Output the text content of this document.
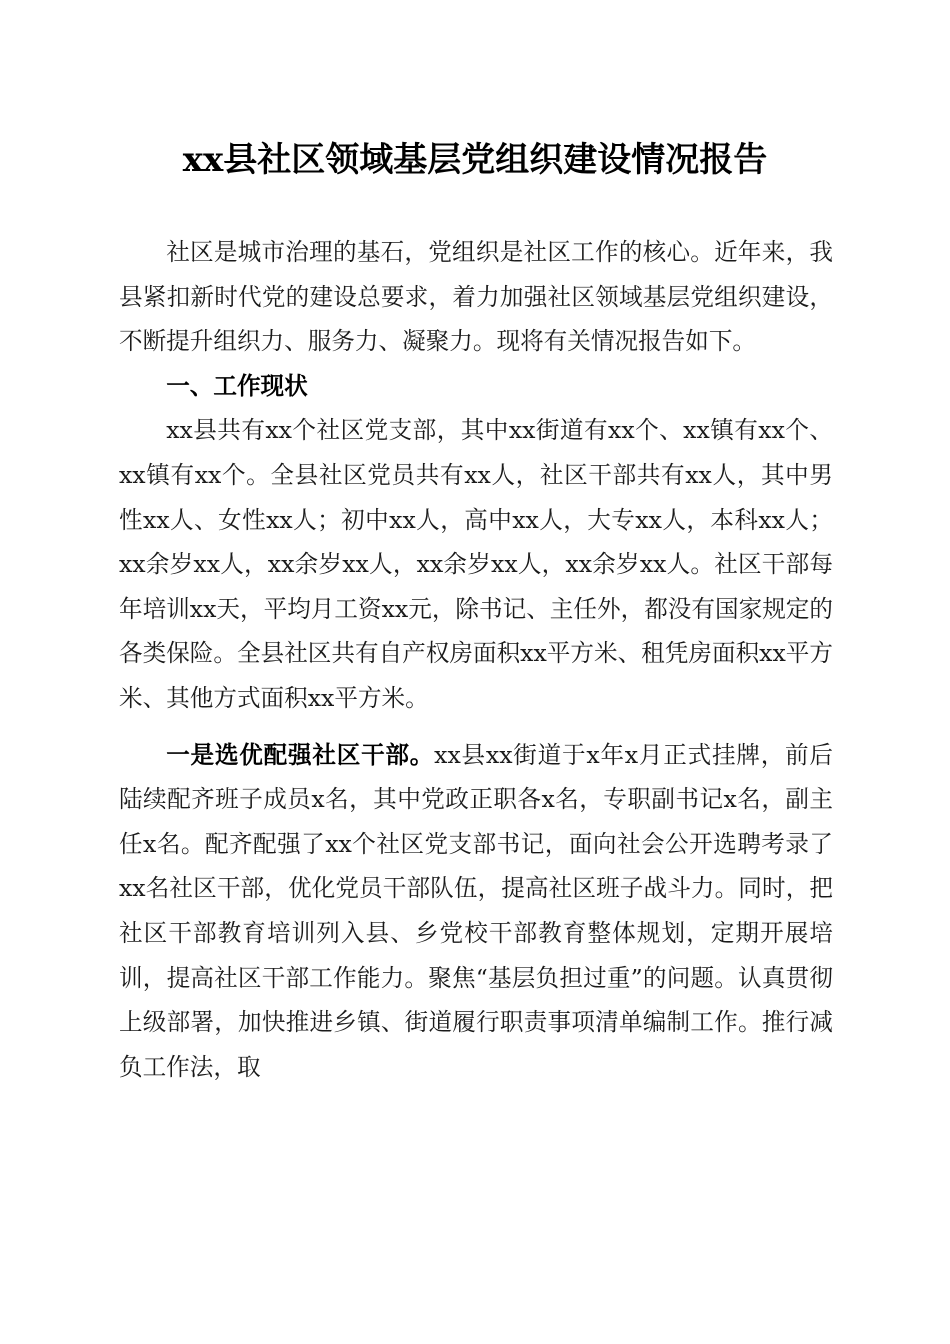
xx县社区领域基层党组织建设情况报告

社区是城市治理的基石，党组织是社区工作的核心。近年来，我县紧扣新时代党的建设总要求，着力加强社区领域基层党组织建设，不断提升组织力、服务力、凝聚力。现将有关情况报告如下。

一、工作现状

xx县共有xx个社区党支部，其中xx街道有xx个、xx镇有xx个、xx镇有xx个。全县社区党员共有xx人，社区干部共有xx人，其中男性xx人、女性xx人；初中xx人，高中xx人，大专xx人，本科xx人；xx余岁xx人，xx余岁xx人，xx余岁xx人，xx余岁xx人。社区干部每年培训xx天，平均月工资xx元，除书记、主任外，都没有国家规定的各类保险。全县社区共有自产权房面积xx平方米、租凭房面积xx平方米、其他方式面积xx平方米。

一是选优配强社区干部。xx县xx街道于x年x月正式挂牌，前后陆续配齐班子成员x名，其中党政正职各x名，专职副书记x名，副主任x名。配齐配强了xx个社区党支部书记，面向社会公开选聘考录了xx名社区干部，优化党员干部队伍，提高社区班子战斗力。同时，把社区干部教育培训列入县、乡党校干部教育整体规划，定期开展培训，提高社区干部工作能力。聚焦“基层负担过重”的问题。认真贯彻上级部署，加快推进乡镇、街道履行职责事项清单编制工作。推行减负工作法，取
